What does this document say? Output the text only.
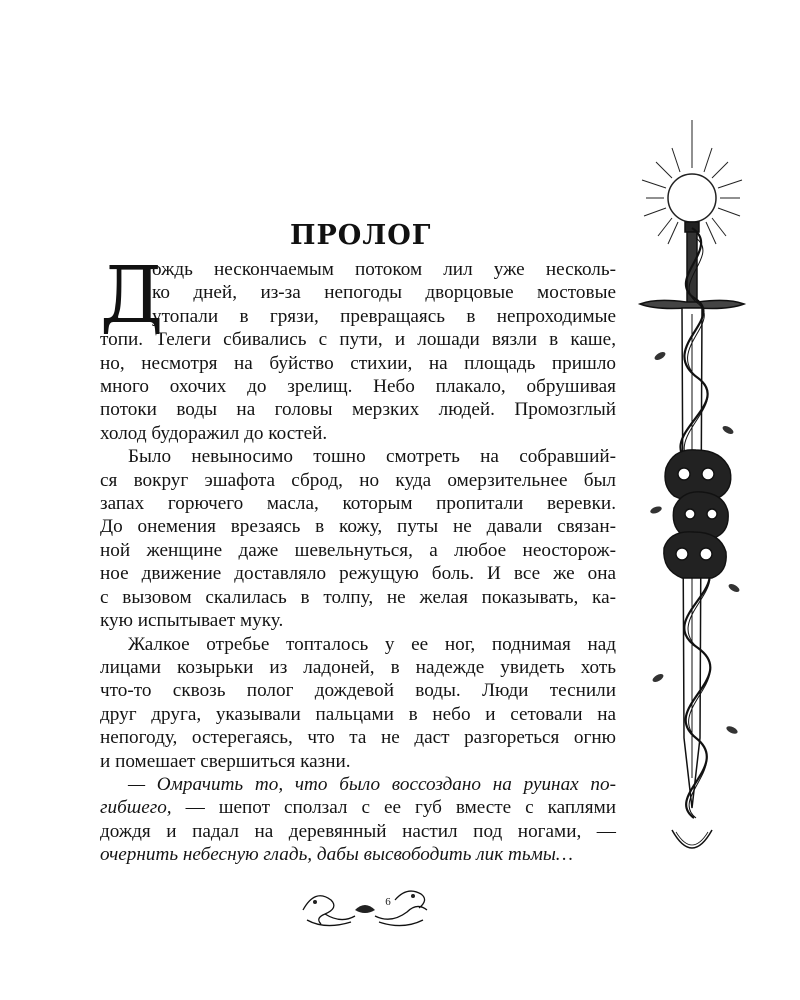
ПРОЛОГ
Д
ождь нескончаемым потоком лил уже несколь-
ко дней, из-за непогоды дворцовые мостовые
утопали в грязи, превращаясь в непроходимые
топи. Телеги сбивались с пути, и лошади вязли в каше,
но, несмотря на буйство стихии, на площадь пришло
много охочих до зрелищ. Небо плакало, обрушивая
потоки воды на головы мерзких людей. Промозглый
холод будоражил до костей.
Было невыносимо тошно смотреть на собравший-
ся вокруг эшафота сброд, но куда омерзительнее был
запах горючего масла, которым пропитали веревки.
До онемения врезаясь в кожу, путы не давали связан-
ной женщине даже шевельнуться, а любое неосторож-
ное движение доставляло режущую боль. И все же она
с вызовом скалилась в толпу, не желая показывать, ка-
кую испытывает муку.
Жалкое отребье топталось у ее ног, поднимая над
лицами козырьки из ладоней, в надежде увидеть хоть
что-то сквозь полог дождевой воды. Люди теснили
друг друга, указывали пальцами в небо и сетовали на
непогоду, остерегаясь, что та не даст разгореться огню
и помешает свершиться казни.
— Омрачить то, что было воссоздано на руинах по-
гибшего, — шепот сползал с ее губ вместе с каплями
дождя и падал на деревянный настил под ногами, —
очернить небесную гладь, дабы высвободить лик тьмы…
6
